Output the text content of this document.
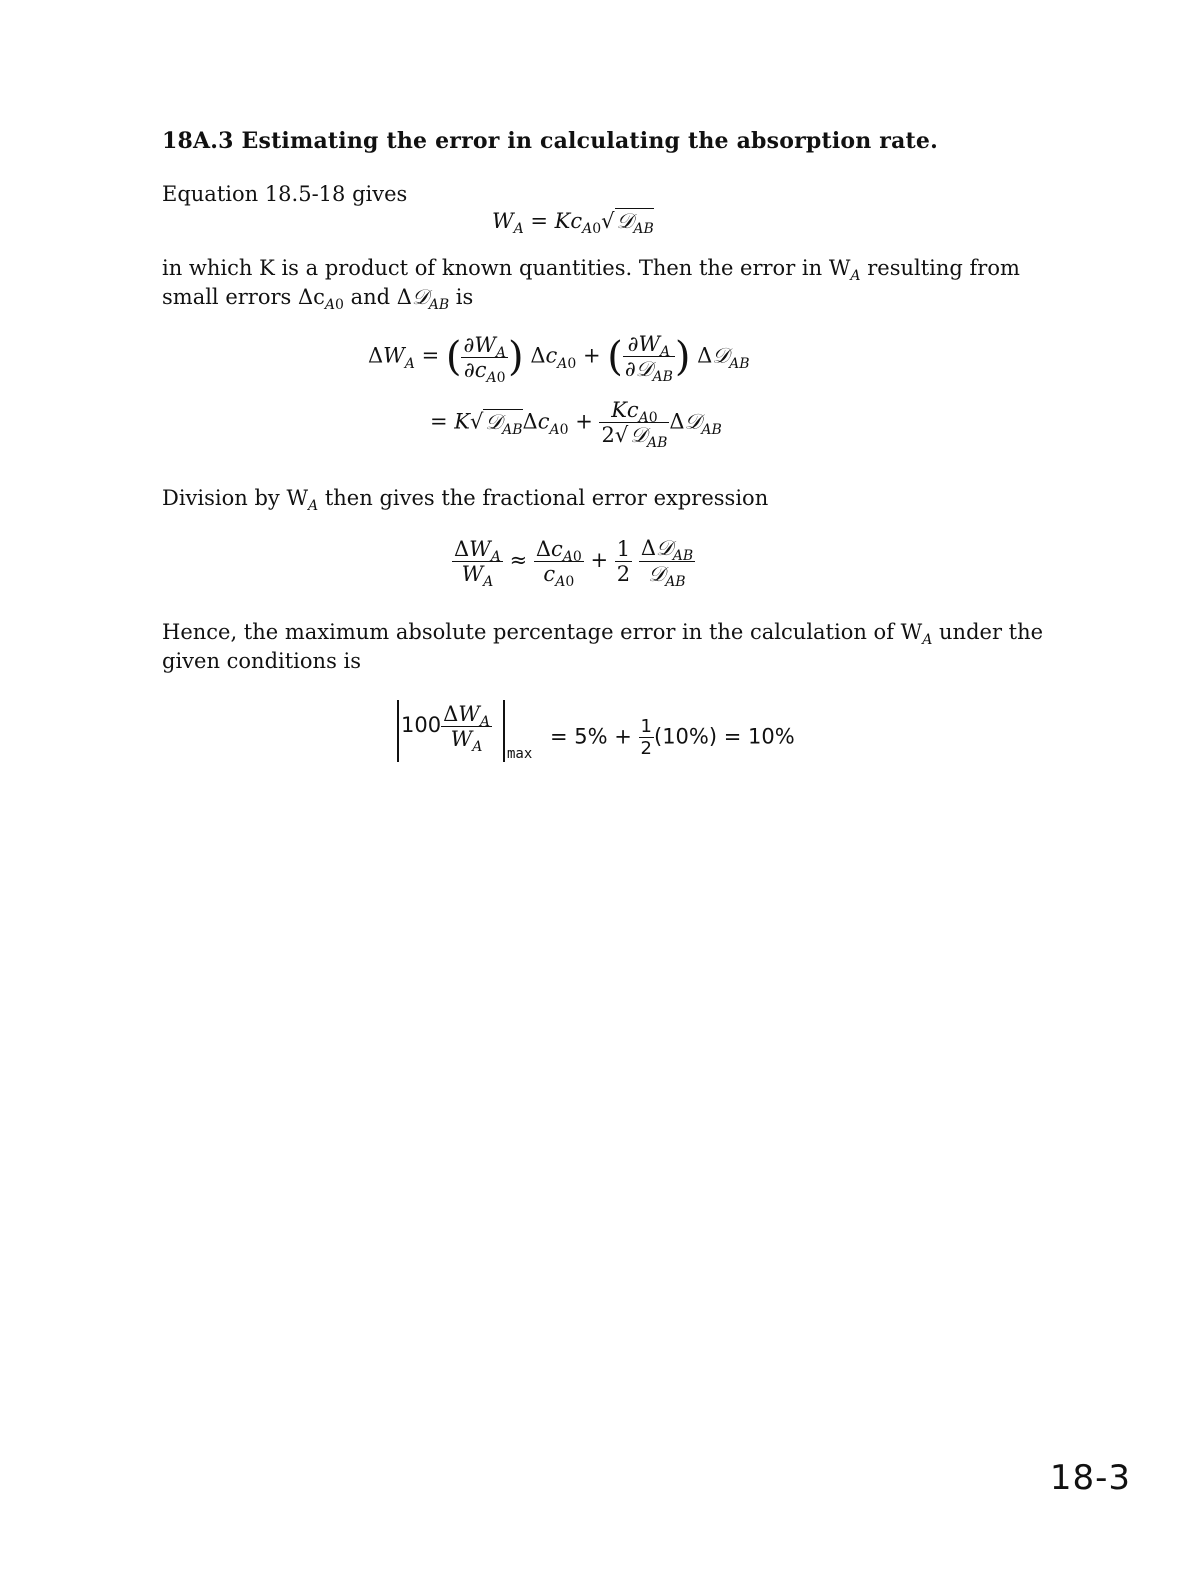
18A.3 Estimating the error in calculating the absorption rate.
Equation 18.5-18 gives
$W_A$ = $Kc_{A0}√𝒟_{AB}$
in which K is a product of known quantities. Then the error in $W_A$ resulting from
small errors $\Delta c_{A0}$ and Δ𝒟$_{AB}$ is
$\Delta W_A$ = ( $\frac{\partial W_A}{\partial c_{A0}}$ ) $\Delta c_{A0}$ + ( $\frac{\partial W_A}{\partial 𝒟_{AB}}$ ) Δ𝒟$_{AB}$
= $K√𝒟_{AB}\Delta c_{A0} + \frac{Kc_{A0}}{2√𝒟_{AB}}$ Δ𝒟$_{AB}$
Division by $W_A$ then gives the fractional error expression
$\frac{\Delta W_A}{W_A} \approx \frac{\Delta c_{A0}}{c_{A0}} + \frac{1}{2}$
$\frac{\Delta 𝒟_{AB}}{𝒟_{AB}}$
Hence, the maximum absolute percentage error in the calculation of $W_A$ under the
given conditions is
$100 \frac{\Delta W_A}{W_A}$
max
= $5\% + \frac{1}{2} (10\%) = 10\%$
18-3
